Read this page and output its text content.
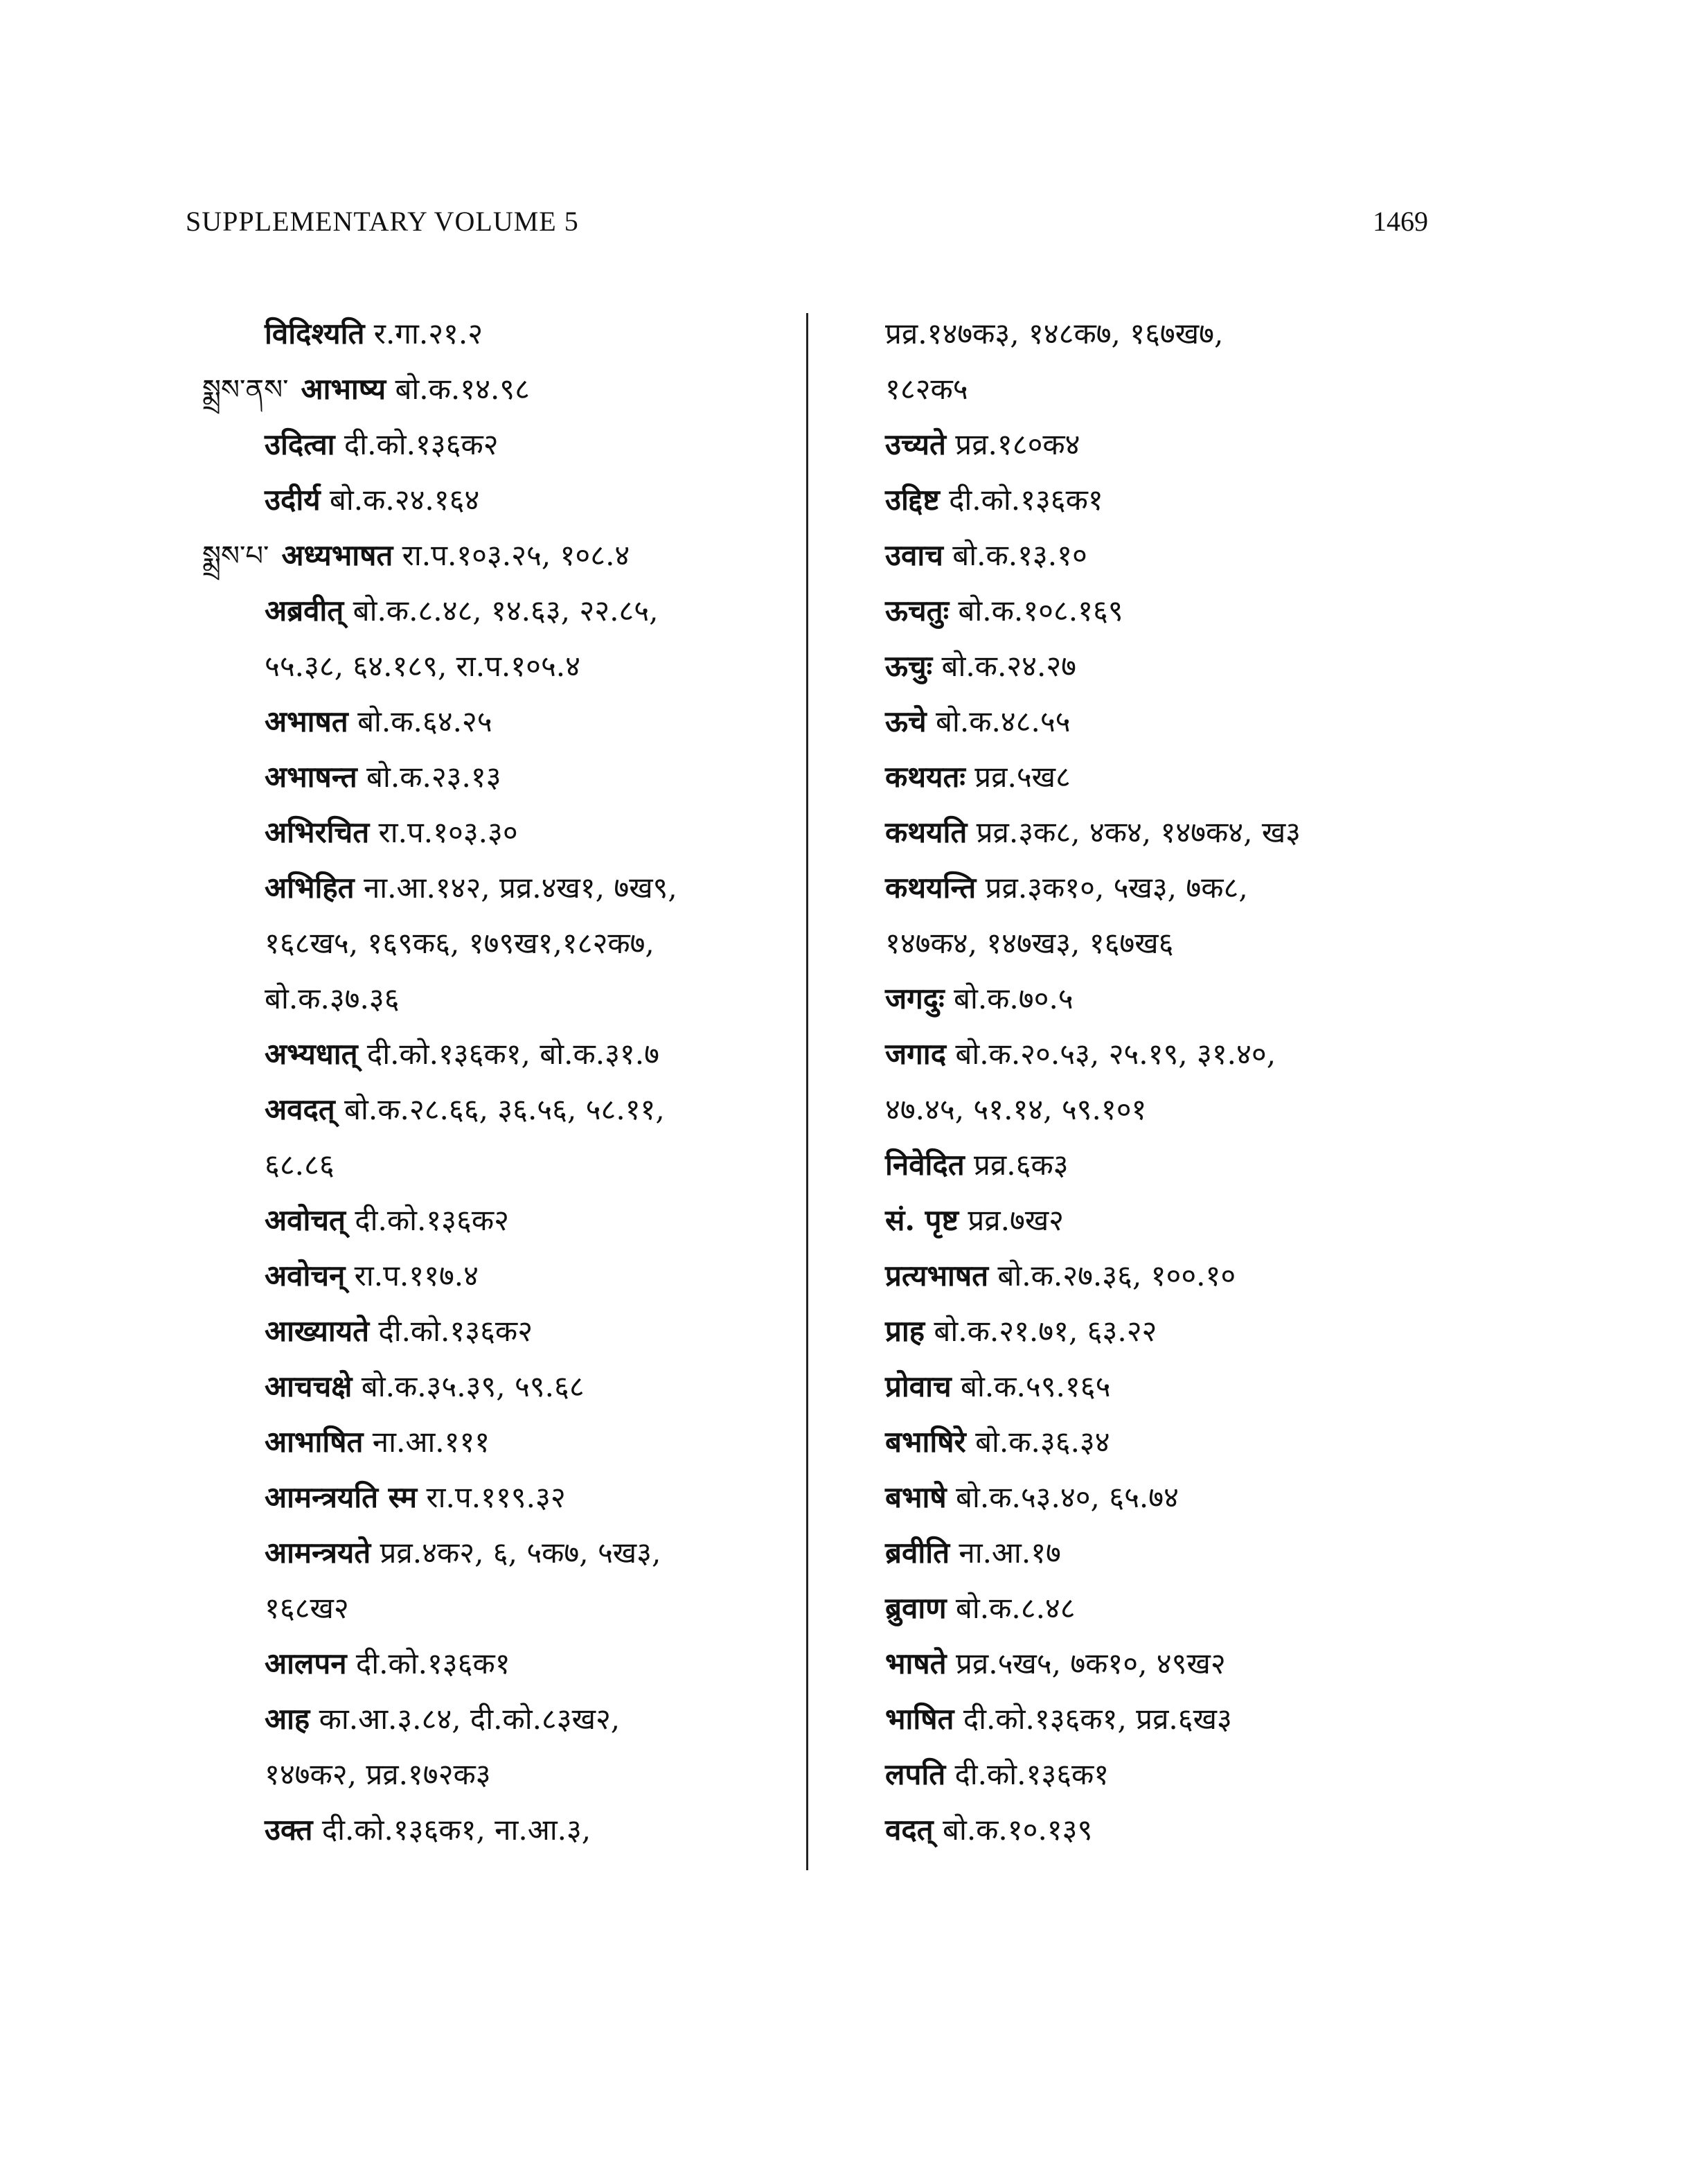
SUPPLEMENTARY VOLUME 5	1469
विदिश्यति र.गा.२१.२
སྨྲས་ནས་ आभाष्य बो.क.१४.९८
उदित्वा दी.को.१३६क२
उदीर्य बो.क.२४.१६४
སྨྲས་པ་ अध्यभाषत रा.प.१०३.२५, १०८.४
अब्रवीत् बो.क.८.४८, १४.६३, २२.८५,
५५.३८, ६४.१८९, रा.प.१०५.४
अभाषत बो.क.६४.२५
अभाषन्त बो.क.२३.१३
अभिरचित रा.प.१०३.३०
अभिहित ना.आ.१४२, प्रव्र.४ख१, ७ख९,
१६८ख५, १६९क६, १७९ख१,१८२क७,
बो.क.३७.३६
अभ्यधात् दी.को.१३६क१, बो.क.३१.७
अवदत् बो.क.२८.६६, ३६.५६, ५८.११,
६८.८६
अवोचत् दी.को.१३६क२
अवोचन् रा.प.११७.४
आख्यायते दी.को.१३६क२
आचचक्षे बो.क.३५.३९, ५९.६८
आभाषित ना.आ.१११
आमन्त्रयति स्म रा.प.११९.३२
आमन्त्रयते प्रव्र.४क२, ६, ५क७, ५ख३,
१६८ख२
आलपन दी.को.१३६क१
आह का.आ.३.८४, दी.को.८३ख२,
१४७क२, प्रव्र.१७२क३
उक्त दी.को.१३६क१, ना.आ.३,
प्रव्र.१४७क३, १४८क७, १६७ख७,
१८२क५
उच्यते प्रव्र.१८०क४
उद्दिष्ट दी.को.१३६क१
उवाच बो.क.१३.१०
ऊचतुः बो.क.१०८.१६९
ऊचुः बो.क.२४.२७
ऊचे बो.क.४८.५५
कथयतः प्रव्र.५ख८
कथयति प्रव्र.३क८, ४क४, १४७क४, ख३
कथयन्ति प्रव्र.३क१०, ५ख३, ७क८,
१४७क४, १४७ख३, १६७ख६
जगदुः बो.क.७०.५
जगाद बो.क.२०.५३, २५.१९, ३१.४०,
४७.४५, ५१.१४, ५९.१०१
निवेदित प्रव्र.६क३
सं. पृष्ट प्रव्र.७ख२
प्रत्यभाषत बो.क.२७.३६, १००.१०
प्राह बो.क.२१.७१, ६३.२२
प्रोवाच बो.क.५९.१६५
बभाषिरे बो.क.३६.३४
बभाषे बो.क.५३.४०, ६५.७४
ब्रवीति ना.आ.१७
ब्रुवाण बो.क.८.४८
भाषते प्रव्र.५ख५, ७क१०, ४९ख२
भाषित दी.को.१३६क१, प्रव्र.६ख३
लपति दी.को.१३६क१
वदत् बो.क.१०.१३९
